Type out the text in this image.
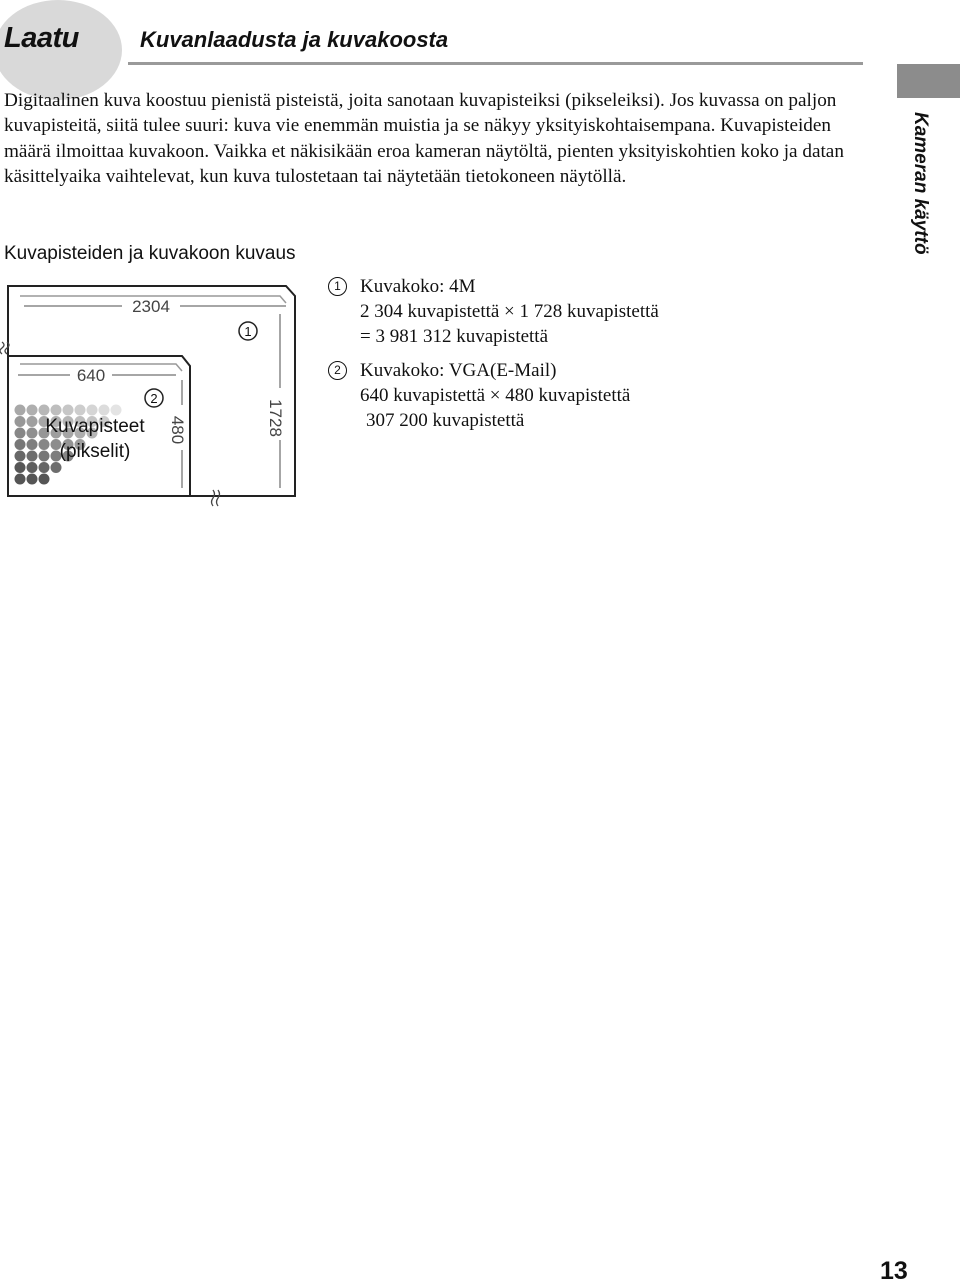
Laatu	Kuvanlaadusta ja kuvakoosta
Kameran käyttö

Digitaalinen kuva koostuu pienistä pisteistä, joita sanotaan kuvapisteiksi (pikseleiksi). Jos kuvassa on paljon kuvapisteitä, siitä tulee suuri: kuva vie enemmän muistia ja se näkyy yksityiskohtaisempana. Kuvapisteiden määrä ilmoittaa kuvakoon. Vaikka et näkisikään eroa kameran näytöltä, pienten yksityiskohtien koko ja datan käsittelyaika vaihtelevat, kun kuva tulostetaan tai näytetään tietokoneen näytöllä.

Kuvapisteiden ja kuvakoon kuvaus
2304
640
1728
480
1
2
Kuvapisteet
(pikselit)
1	Kuvakoko: 4M
2 304 kuvapistettä × 1 728 kuvapistettä
= 3 981 312 kuvapistettä
2	Kuvakoko: VGA(E-Mail)
640 kuvapistettä × 480 kuvapistettä
307 200 kuvapistettä
13
